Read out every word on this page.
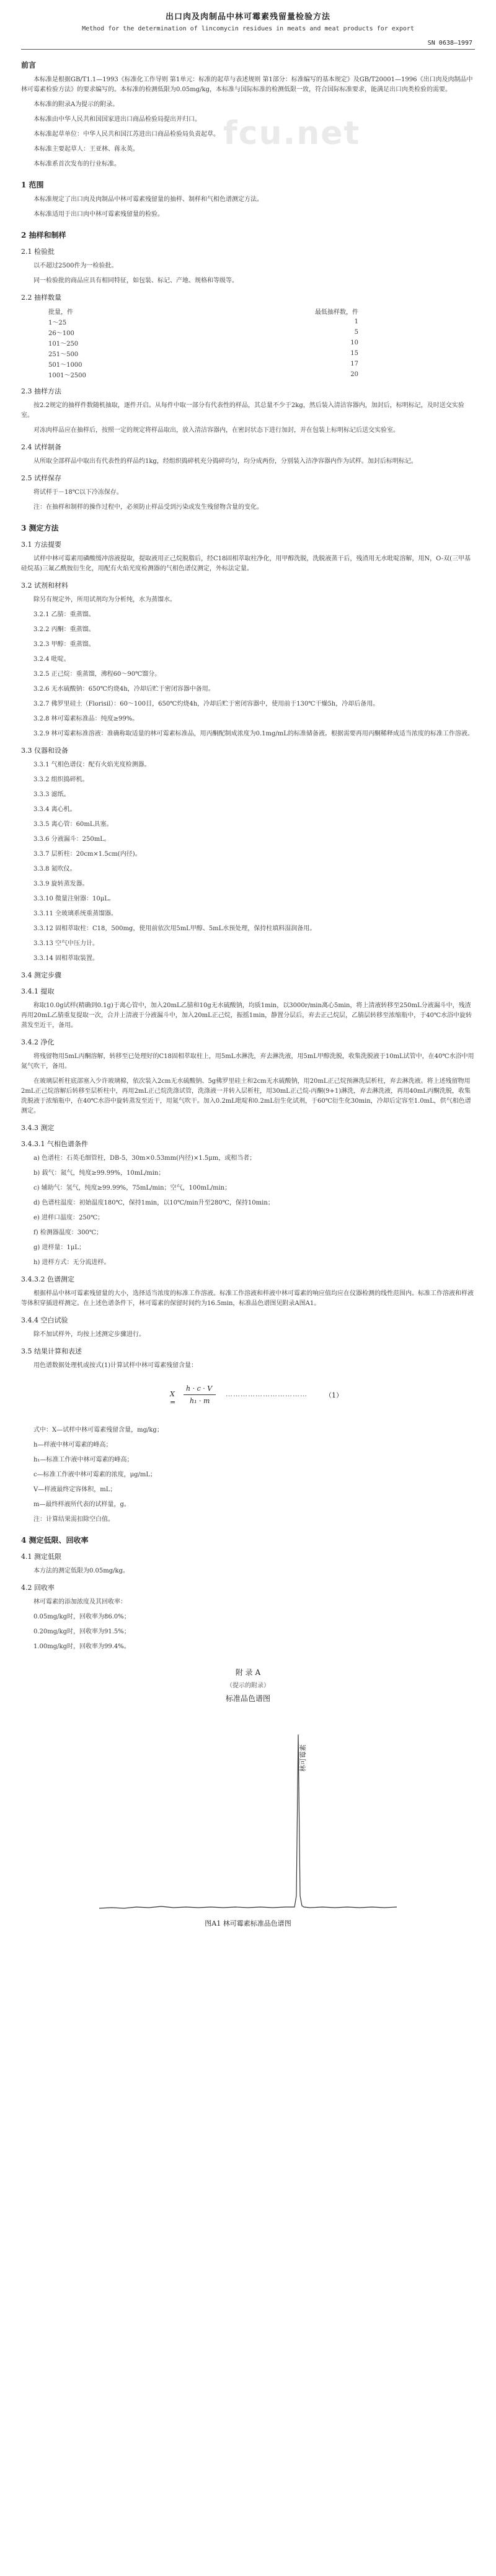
fcu.net
出口肉及肉制品中林可霉素残留量检验方法
Method for the determination of lincomycin residues in meats and meat products for export
SN 0638—1997
前言

本标准是根据GB/T1.1—1993《标准化工作导则 第1单元：标准的起草与表述规则 第1部分：标准编写的基本规定》及GB/T20001—1996《出口肉及肉制品中林可霉素检验方法》的要求编写的。本标准的检测低限为0.05mg/kg，本标准与国际标准的检测低限一致，符合国际标准要求，能满足出口肉类检验的需要。

本标准的附录A为提示的附录。

本标准由中华人民共和国国家进出口商品检验局提出并归口。

本标准起草单位：中华人民共和国江苏进出口商品检验局负责起草。

本标准主要起草人：王亚林、蒋永英。

本标准系首次发布的行业标准。

1 范围

本标准规定了出口肉及肉制品中林可霉素残留量的抽样、制样和气相色谱测定方法。

本标准适用于出口肉中林可霉素残留量的检验。

2 抽样和制样
2.1 检验批

以不超过2500件为一检验批。

同一检验批的商品应具有相同特征，如包装、标记、产地、规格和等级等。

2.2 抽样数量
批量，件	最低抽样数，件
1～25	1
26～100	5
101～250	10
251～500	15
501～1000	17
1001～2500	20
2.3 抽样方法

按2.2规定的抽样件数随机抽取，逐件开启。从每件中取一部分有代表性的样品，其总量不少于2kg，然后装入清洁容器内，加封后，标明标记，及时送交实验室。

对冻肉样品应在抽样后，按照一定的规定将样品取出，放入清洁容器内，在密封状态下进行加封，并在包装上标明标记后送交实验室。

2.4 试样制备

从所取全部样品中取出有代表性的样品约1kg，经组织捣碎机充分捣碎均匀，均分成两份，分别装入洁净容器内作为试样。加封后标明标记。

2.5 试样保存

将试样于－18℃以下冷冻保存。

注：在抽样和制样的操作过程中，必须防止样品受到污染或发生残留物含量的变化。

3 测定方法
3.1 方法提要

试样中林可霉素用磷酸缓冲溶液提取，提取液用正己烷脱脂后，经C18固相萃取柱净化，用甲醇洗脱，洗脱液蒸干后，残渣用无水吡啶溶解，用N，O-双(三甲基硅烷基)三氟乙酰胺衍生化，用配有火焰光度检测器的气相色谱仪测定，外标法定量。

3.2 试剂和材料

除另有规定外，所用试剂均为分析纯，水为蒸馏水。

3.2.1 乙腈：重蒸馏。

3.2.2 丙酮：重蒸馏。

3.2.3 甲醇：重蒸馏。

3.2.4 吡啶。

3.2.5 正己烷：重蒸馏，沸程60～90℃馏分。

3.2.6 无水硫酸钠：650℃灼烧4h，冷却后贮于密闭容器中备用。

3.2.7 佛罗里硅土（Florisil）：60～100目，650℃灼烧4h，冷却后贮于密闭容器中，使用前于130℃干燥5h，冷却后备用。

3.2.8 林可霉素标准品：纯度≥99%。

3.2.9 林可霉素标准溶液：准确称取适量的林可霉素标准品，用丙酮配制成浓度为0.1mg/mL的标准储备液。根据需要再用丙酮稀释成适当浓度的标准工作溶液。

3.3 仪器和设备

3.3.1 气相色谱仪：配有火焰光度检测器。

3.3.2 组织捣碎机。

3.3.3 滤纸。

3.3.4 离心机。

3.3.5 离心管：60mL具塞。

3.3.6 分液漏斗：250mL。

3.3.7 层析柱：20cm×1.5cm(内径)。

3.3.8 氮吹仪。

3.3.9 旋转蒸发器。

3.3.10 微量注射器：10μL。

3.3.11 全玻璃系统重蒸馏器。

3.3.12 固相萃取柱：C18，500mg，使用前依次用5mL甲醇、5mL水预处理，保持柱填料湿润备用。

3.3.13 空气中压力计。

3.3.14 固相萃取装置。

3.4 测定步骤
3.4.1 提取

称取10.0g试样(精确到0.1g)于离心管中，加入20mL乙腈和10g无水硫酸钠，均质1min，以3000r/min离心5min，将上清液转移至250mL分液漏斗中，残渣再用20mL乙腈重复提取一次，合并上清液于分液漏斗中，加入20mL正己烷，振摇1min，静置分层后，弃去正己烷层，乙腈层转移至浓缩瓶中，于40℃水浴中旋转蒸发至近干，备用。

3.4.2 净化

将残留物用5mL丙酮溶解，转移至已处理好的C18固相萃取柱上，用5mL水淋洗，弃去淋洗液，用5mL甲醇洗脱，收集洗脱液于10mL试管中，在40℃水浴中用氮气吹干，备用。

在玻璃层析柱底部塞入少许玻璃棉，依次装入2cm无水硫酸钠、5g佛罗里硅土和2cm无水硫酸钠，用20mL正己烷预淋洗层析柱，弃去淋洗液。将上述残留物用2mL正己烷溶解后转移至层析柱中，再用2mL正己烷洗涤试管，洗涤液一并转入层析柱，用30mL正己烷-丙酮(9+1)淋洗，弃去淋洗液，再用40mL丙酮洗脱，收集洗脱液于浓缩瓶中，在40℃水浴中旋转蒸发至近干，用氮气吹干。加入0.2mL吡啶和0.2mL衍生化试剂，于60℃衍生化30min，冷却后定容至1.0mL，供气相色谱测定。

3.4.3 测定
3.4.3.1 气相色谱条件

a) 色谱柱：石英毛细管柱，DB-5，30m×0.53mm(内径)×1.5μm，或相当者；

b) 载气：氮气，纯度≥99.99%，10mL/min；

c) 辅助气：氢气，纯度≥99.99%，75mL/min；空气，100mL/min；

d) 色谱柱温度：初始温度180℃，保持1min，以10℃/min升至280℃，保持10min；

e) 进样口温度：250℃；

f) 检测器温度：300℃；

g) 进样量：1μL；

h) 进样方式：无分流进样。

3.4.3.2 色谱测定

根据样品中林可霉素残留量的大小，选择适当浓度的标准工作溶液。标准工作溶液和样液中林可霉素的响应值均应在仪器检测的线性范围内。标准工作溶液和样液等体积穿插进样测定。在上述色谱条件下，林可霉素的保留时间约为16.5min，标准品色谱图见附录A图A1。

3.4.4 空白试验

除不加试样外，均按上述测定步骤进行。

3.5 结果计算和表述

用色谱数据处理机或按式(1)计算试样中林可霉素残留含量：

X =
h · c · V
h₁ · m
……………………………	（1）

式中：X—试样中林可霉素残留含量，mg/kg；

h—样液中林可霉素的峰高；

h₁—标准工作液中林可霉素的峰高；

c—标准工作液中林可霉素的浓度，μg/mL；

V—样液最终定容体积，mL；

m—最终样液所代表的试样量，g。

注：计算结果需扣除空白值。

4 测定低限、回收率
4.1 测定低限

本方法的测定低限为0.05mg/kg。

4.2 回收率

林可霉素的添加浓度及其回收率：

0.05mg/kg时，回收率为86.0%；

0.20mg/kg时，回收率为91.5%；

1.00mg/kg时，回收率为99.4%。

附 录 A
（提示的附录）
标准品色谱图
林可霉素
图A1 林可霉素标准品色谱图
